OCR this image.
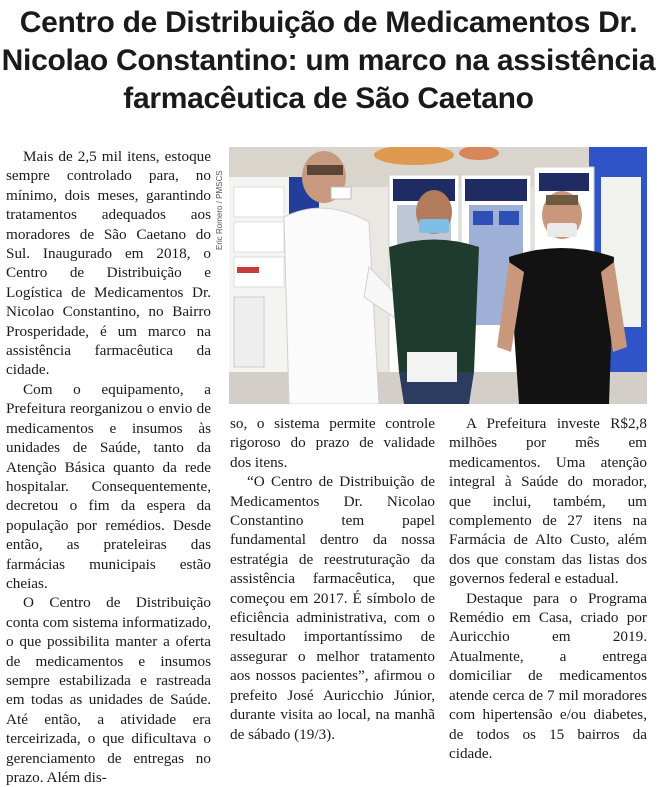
Centro de Distribuição de Medicamentos Dr. Nicolao Constantino: um marco na assistência farmacêutica de São Caetano
Eric Romero / PMSCS

Mais de 2,5 mil itens, estoque sempre controlado para, no mínimo, dois meses, garantindo tratamentos adequados aos moradores de São Caetano do Sul. Inaugurado em 2018, o Centro de Distribuição e Logística de Medicamentos Dr. Nicolao Constantino, no Bairro Prosperidade, é um marco na assistência farmacêutica da cidade.

Com o equipamento, a Prefeitura reorganizou o envio de medicamentos e insumos às unidades de Saúde, tanto da Atenção Básica quanto da rede hospitalar. Consequentemente, decretou o fim da espera da população por remédios. Desde então, as prateleiras das farmácias municipais estão cheias.

O Centro de Distribuição conta com sistema informatizado, o que possibilita manter a oferta de medicamentos e insumos sempre estabilizada e rastreada em todas as unidades de Saúde. Até então, a atividade era terceirizada, o que dificultava o gerenciamento de entregas no prazo. Além dis-

so, o sistema permite controle rigoroso do prazo de validade dos itens.

“O Centro de Distribuição de Medicamentos Dr. Nicolao Constantino tem papel fundamental dentro da nossa estratégia de reestruturação da assistência farmacêutica, que começou em 2017. É símbolo de eficiência administrativa, com o resultado importantíssimo de assegurar o melhor tratamento aos nossos pacientes”, afirmou o prefeito José Auricchio Júnior, durante visita ao local, na manhã de sábado (19/3).

A Prefeitura investe R$2,8 milhões por mês em medicamentos. Uma atenção integral à Saúde do morador, que inclui, também, um complemento de 27 itens na Farmácia de Alto Custo, além dos que constam das listas dos governos federal e estadual.

Destaque para o Programa Remédio em Casa, criado por Auricchio em 2019. Atualmente, a entrega domiciliar de medicamentos atende cerca de 7 mil moradores com hipertensão e/ou diabetes, de todos os 15 bairros da cidade.
